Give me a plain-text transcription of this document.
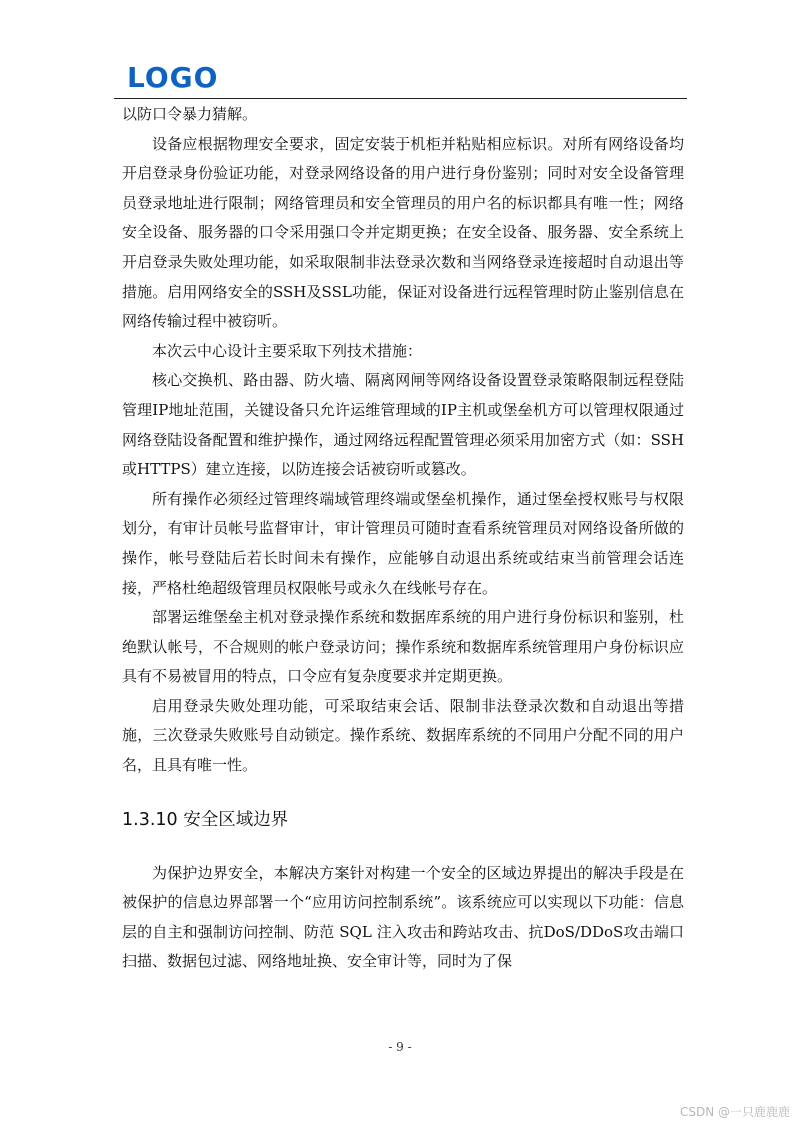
LOGO

以防口令暴力猜解。

设备应根据物理安全要求，固定安装于机柜并粘贴相应标识。对所有网络设备均开启登录身份验证功能，对登录网络设备的用户进行身份鉴别；同时对安全设备管理员登录地址进行限制；网络管理员和安全管理员的用户名的标识都具有唯一性；网络安全设备、服务器的口令采用强口令并定期更换；在安全设备、服务器、安全系统上开启登录失败处理功能，如采取限制非法登录次数和当网络登录连接超时自动退出等措施。启用网络安全的SSH及SSL功能，保证对设备进行远程管理时防止鉴别信息在网络传输过程中被窃听。

本次云中心设计主要采取下列技术措施：

核心交换机、路由器、防火墙、隔离网闸等网络设备设置登录策略限制远程登陆管理IP地址范围，关键设备只允许运维管理域的IP主机或堡垒机方可以管理权限通过网络登陆设备配置和维护操作，通过网络远程配置管理必须采用加密方式（如：SSH或HTTPS）建立连接，以防连接会话被窃听或篡改。

所有操作必须经过管理终端域管理终端或堡垒机操作，通过堡垒授权账号与权限划分，有审计员帐号监督审计，审计管理员可随时查看系统管理员对网络设备所做的操作，帐号登陆后若长时间未有操作，应能够自动退出系统或结束当前管理会话连接，严格杜绝超级管理员权限帐号或永久在线帐号存在。

部署运维堡垒主机对登录操作系统和数据库系统的用户进行身份标识和鉴别，杜绝默认帐号，不合规则的帐户登录访问；操作系统和数据库系统管理用户身份标识应具有不易被冒用的特点，口令应有复杂度要求并定期更换。

启用登录失败处理功能，可采取结束会话、限制非法登录次数和自动退出等措施，三次登录失败账号自动锁定。操作系统、数据库系统的不同用户分配不同的用户名，且具有唯一性。

1.3.10 安全区域边界

为保护边界安全，本解决方案针对构建一个安全的区域边界提出的解决手段是在被保护的信息边界部署一个“应用访问控制系统”。该系统应可以实现以下功能：信息层的自主和强制访问控制、防范 SQL 注入攻击和跨站攻击、抗DoS/DDoS攻击端口扫描、数据包过滤、网络地址换、安全审计等，同时为了保

- 9 -
CSDN @一只鹿鹿鹿
